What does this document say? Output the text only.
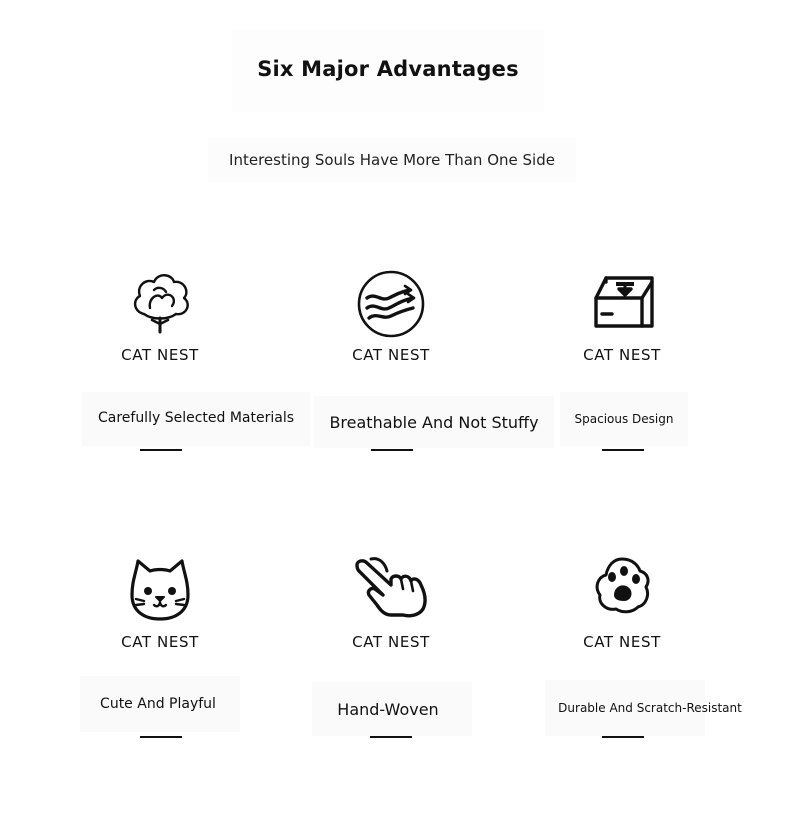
Six Major Advantages
Interesting Souls Have More Than One Side
CAT NEST
Carefully Selected Materials
CAT NEST
Breathable And Not Stuffy
CAT NEST
Spacious Design
CAT NEST
Cute And Playful
CAT NEST
Hand-Woven
CAT NEST
Durable And Scratch-Resistant
